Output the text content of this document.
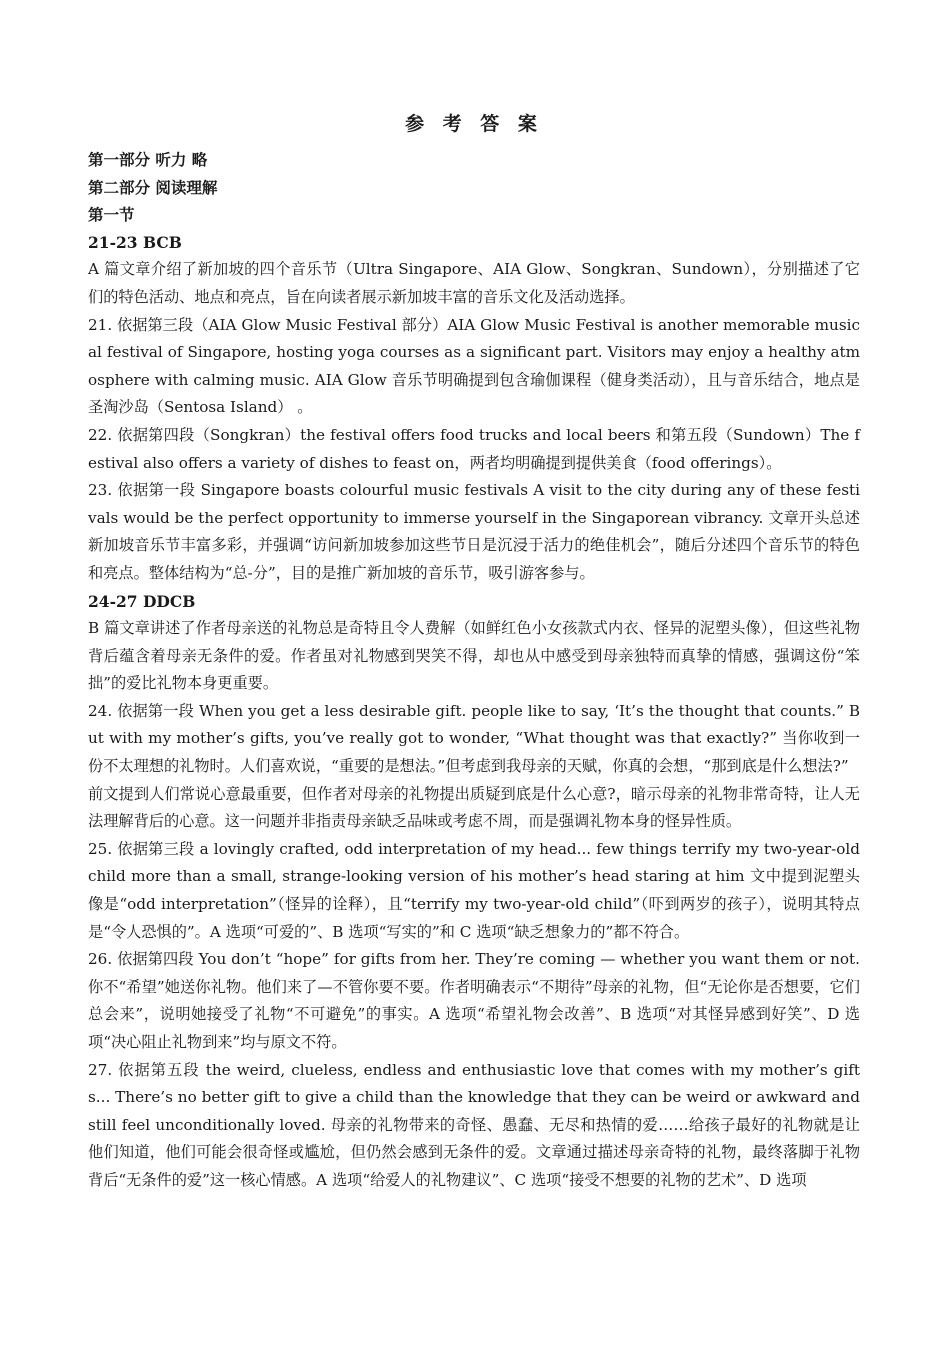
参 考 答 案

第一部分 听力 略

第二部分 阅读理解

第一节

21-23 BCB

A 篇文章介绍了新加坡的四个音乐节（Ultra Singapore、AIA Glow、Songkran、Sundown），分别描述了它们的特色活动、地点和亮点，旨在向读者展示新加坡丰富的音乐文化及活动选择。

21. 依据第三段（AIA Glow Music Festival 部分）AIA Glow Music Festival is another memorable musical festival of Singapore, hosting yoga courses as a significant part. Visitors may enjoy a healthy atmosphere with calming music. AIA Glow 音乐节明确提到包含瑜伽课程（健身类活动），且与音乐结合，地点是 圣淘沙岛（Sentosa Island） 。

22. 依据第四段（Songkran）the festival offers food trucks and local beers 和第五段（Sundown）The festival also offers a variety of dishes to feast on，两者均明确提到提供美食（food offerings）。

23. 依据第一段 Singapore boasts colourful music festivals A visit to the city during any of these festivals would be the perfect opportunity to immerse yourself in the Singaporean vibrancy. 文章开头总述新加坡音乐节丰富多彩，并强调“访问新加坡参加这些节日是沉浸于活力的绝佳机会”，随后分述四个音乐节的特色和亮点。整体结构为“总-分”，目的是推广新加坡的音乐节，吸引游客参与。

24-27 DDCB

B 篇文章讲述了作者母亲送的礼物总是奇特且令人费解（如鲜红色小女孩款式内衣、怪异的泥塑头像），但这些礼物背后蕴含着母亲无条件的爱。作者虽对礼物感到哭笑不得，却也从中感受到母亲独特而真挚的情感，强调这份“笨拙”的爱比礼物本身更重要。

24. 依据第一段 When you get a less desirable gift. people like to say, ‘It’s the thought that counts.” But with my mother’s gifts, you’ve really got to wonder, “What thought was that exactly?” 当你收到一份不太理想的礼物时。人们喜欢说，“重要的是想法。”但考虑到我母亲的天赋，你真的会想，“那到底是什么想法?”

前文提到人们常说心意最重要，但作者对母亲的礼物提出质疑到底是什么心意?，暗示母亲的礼物非常奇特，让人无法理解背后的心意。这一问题并非指责母亲缺乏品味或考虑不周，而是强调礼物本身的怪异性质。

25. 依据第三段 a lovingly crafted, odd interpretation of my head... few things terrify my two-year-old child more than a small, strange-looking version of his mother’s head staring at him 文中提到泥塑头像是“odd interpretation”（怪异的诠释），且“terrify my two-year-old child”（吓到两岁的孩子），说明其特点是“令人恐惧的”。A 选项“可爱的”、B 选项“写实的”和 C 选项“缺乏想象力的”都不符合。

26. 依据第四段 You don’t “hope” for gifts from her. They’re coming — whether you want them or not. 你不“希望”她送你礼物。他们来了—不管你要不要。作者明确表示“不期待”母亲的礼物，但“无论你是否想要，它们总会来”，说明她接受了礼物“不可避免”的事实。A 选项“希望礼物会改善”、B 选项“对其怪异感到好笑”、D 选项“决心阻止礼物到来”均与原文不符。

27. 依据第五段 the weird, clueless, endless and enthusiastic love that comes with my mother’s gifts... There’s no better gift to give a child than the knowledge that they can be weird or awkward and still feel unconditionally loved. 母亲的礼物带来的奇怪、愚蠢、无尽和热情的爱……给孩子最好的礼物就是让他们知道，他们可能会很奇怪或尴尬，但仍然会感到无条件的爱。文章通过描述母亲奇特的礼物，最终落脚于礼物背后“无条件的爱”这一核心情感。A 选项“给爱人的礼物建议”、C 选项“接受不想要的礼物的艺术”、D 选项
